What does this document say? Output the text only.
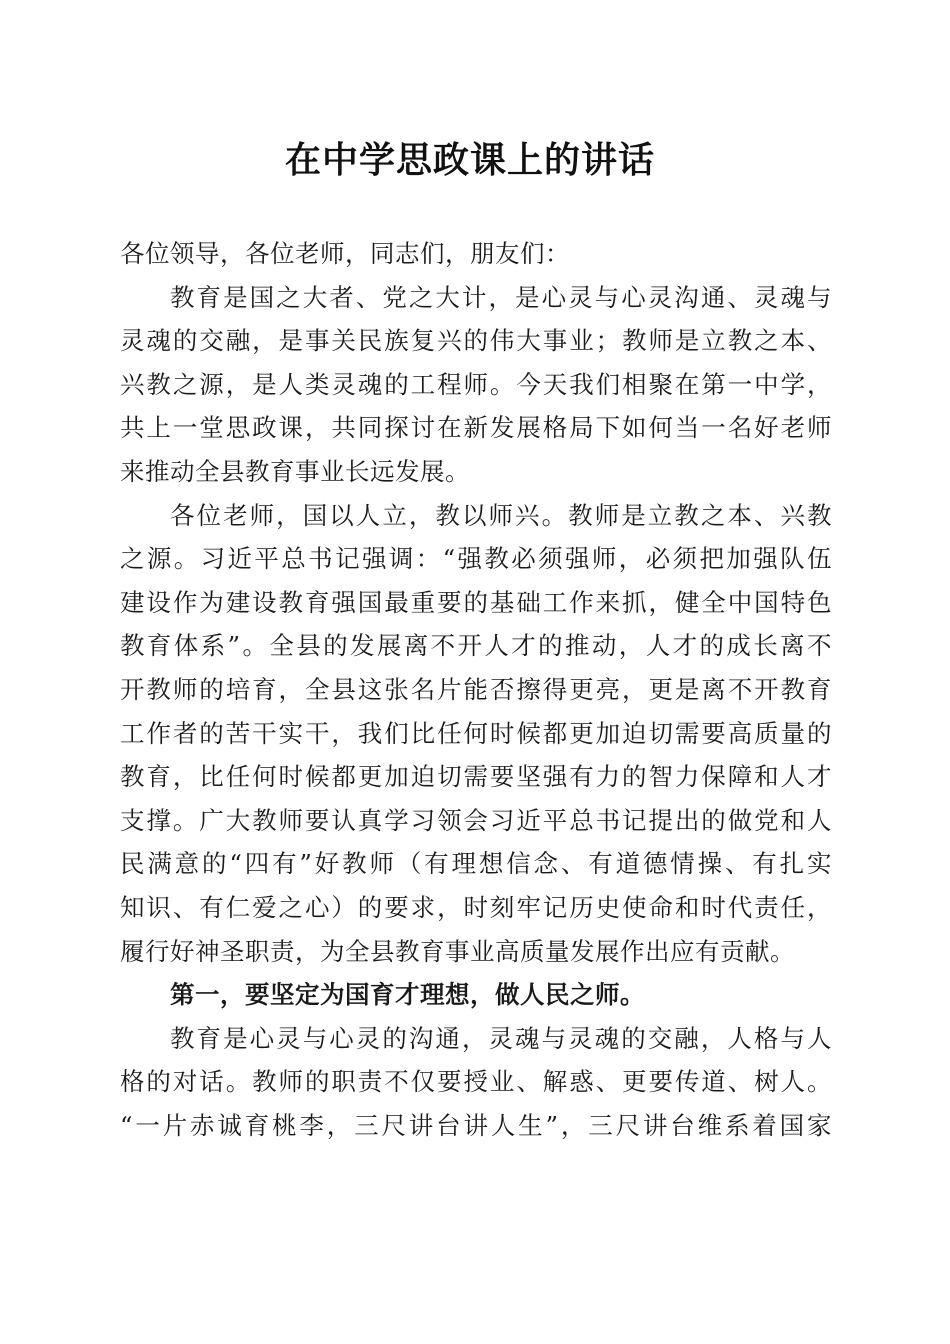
在中学思政课上的讲话
各位领导，各位老师，同志们，朋友们：
教育是国之大者、党之大计，是心灵与心灵沟通、灵魂与
灵魂的交融，是事关民族复兴的伟大事业；教师是立教之本、
兴教之源，是人类灵魂的工程师。今天我们相聚在第一中学，
共上一堂思政课，共同探讨在新发展格局下如何当一名好老师
来推动全县教育事业长远发展。
各位老师，国以人立，教以师兴。教师是立教之本、兴教
之源。习近平总书记强调：“强教必须强师，必须把加强队伍
建设作为建设教育强国最重要的基础工作来抓，健全中国特色
教育体系”。全县的发展离不开人才的推动，人才的成长离不
开教师的培育，全县这张名片能否擦得更亮，更是离不开教育
工作者的苦干实干，我们比任何时候都更加迫切需要高质量的
教育，比任何时候都更加迫切需要坚强有力的智力保障和人才
支撑。广大教师要认真学习领会习近平总书记提出的做党和人
民满意的“四有”好教师（有理想信念、有道德情操、有扎实
知识、有仁爱之心）的要求，时刻牢记历史使命和时代责任，
履行好神圣职责，为全县教育事业高质量发展作出应有贡献。
第一，要坚定为国育才理想，做人民之师。
教育是心灵与心灵的沟通，灵魂与灵魂的交融，人格与人
格的对话。教师的职责不仅要授业、解惑、更要传道、树人。
“一片赤诚育桃李，三尺讲台讲人生”，三尺讲台维系着国家
